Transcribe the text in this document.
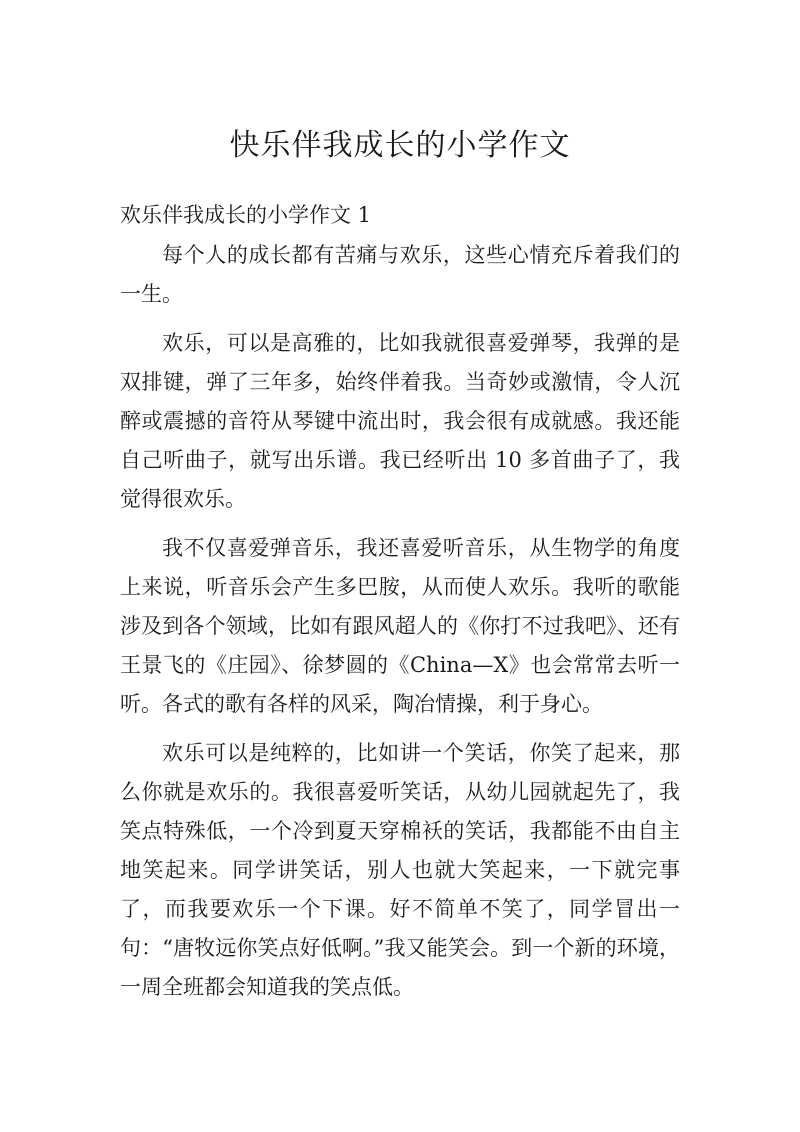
快乐伴我成长的小学作文
欢乐伴我成长的小学作文 1

每个人的成长都有苦痛与欢乐，这些心情充斥着我们的一生。

欢乐，可以是高雅的，比如我就很喜爱弹琴，我弹的是双排键，弹了三年多，始终伴着我。当奇妙或激情，令人沉醉或震撼的音符从琴键中流出时，我会很有成就感。我还能自己听曲子，就写出乐谱。我已经听出 10 多首曲子了，我觉得很欢乐。

我不仅喜爱弹音乐，我还喜爱听音乐，从生物学的角度上来说，听音乐会产生多巴胺，从而使人欢乐。我听的歌能涉及到各个领域，比如有跟风超人的《你打不过我吧》、还有王景飞的《庄园》、徐梦圆的《China—X》也会常常去听一听。各式的歌有各样的风采，陶冶情操，利于身心。

欢乐可以是纯粹的，比如讲一个笑话，你笑了起来，那么你就是欢乐的。我很喜爱听笑话，从幼儿园就起先了，我笑点特殊低，一个冷到夏天穿棉袄的笑话，我都能不由自主地笑起来。同学讲笑话，别人也就大笑起来，一下就完事了，而我要欢乐一个下课。好不简单不笑了，同学冒出一句：“唐牧远你笑点好低啊。”我又能笑会。到一个新的环境，一周全班都会知道我的笑点低。
